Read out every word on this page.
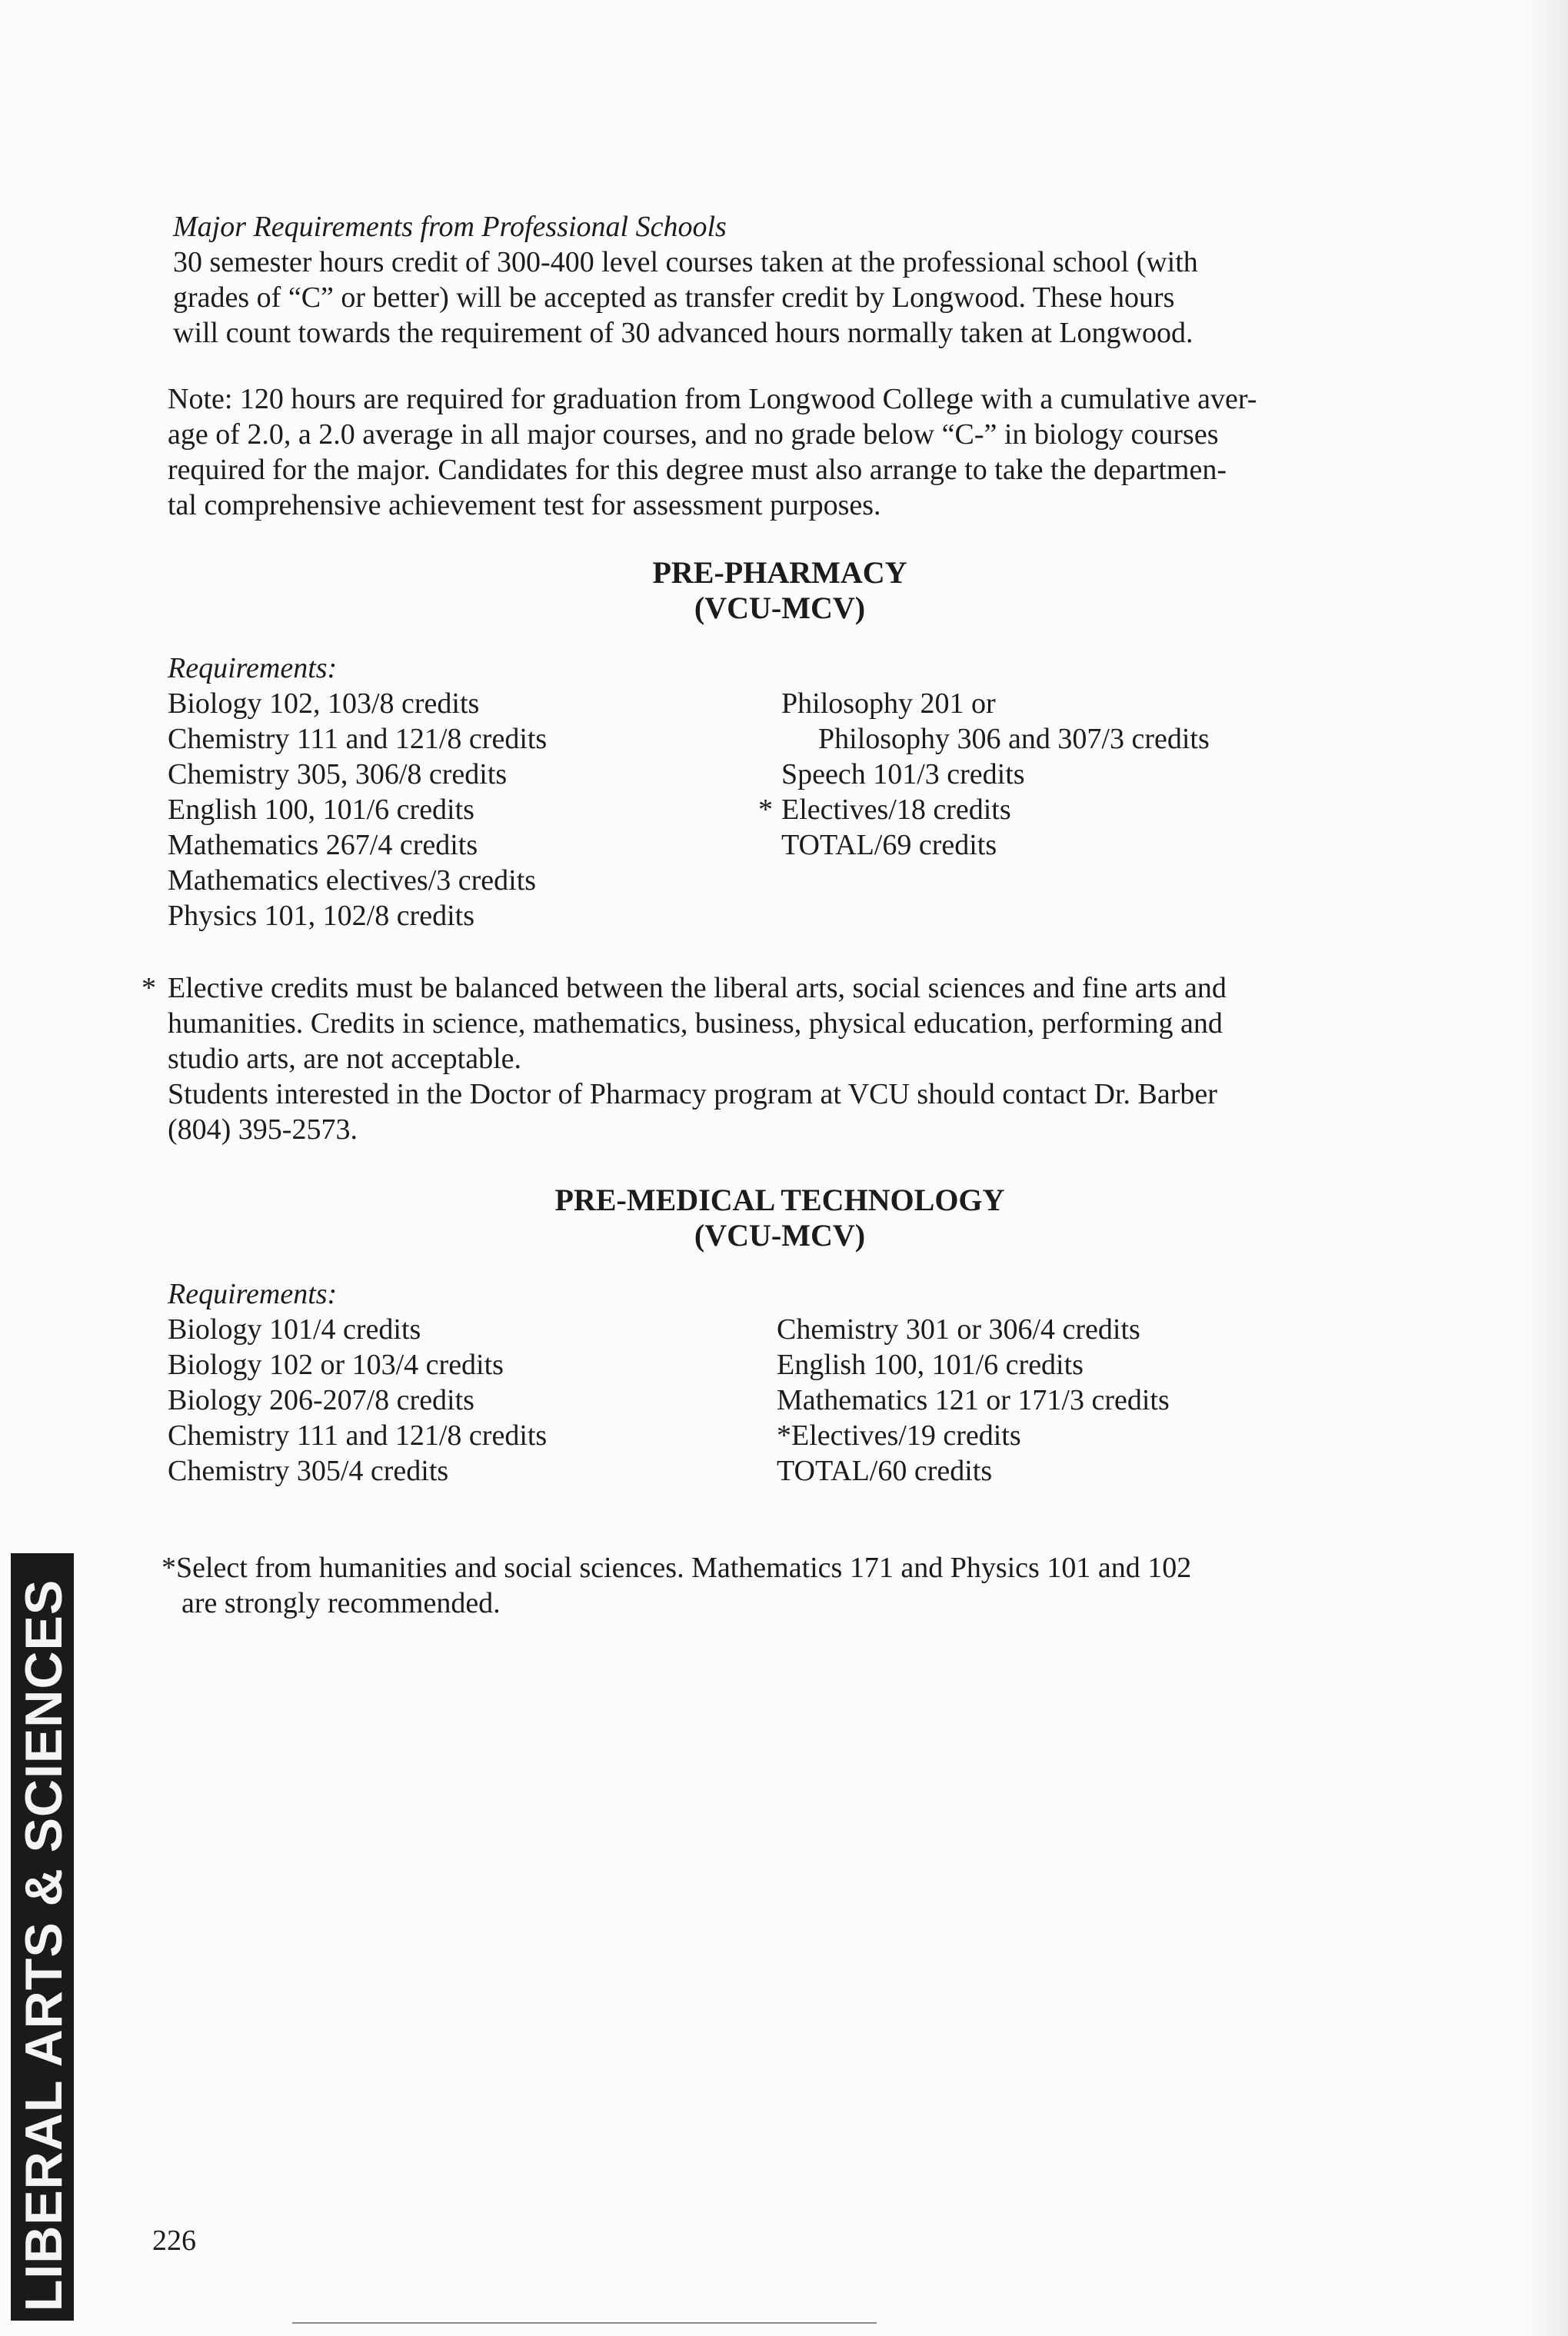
Major Requirements from Professional Schools
30 semester hours credit of 300-400 level courses taken at the professional school (with
grades of “C” or better) will be accepted as transfer credit by Longwood. These hours
will count towards the requirement of 30 advanced hours normally taken at Longwood.
Note: 120 hours are required for graduation from Longwood College with a cumulative aver-
age of 2.0, a 2.0 average in all major courses, and no grade below “C-” in biology courses
required for the major. Candidates for this degree must also arrange to take the departmen-
tal comprehensive achievement test for assessment purposes.
PRE-PHARMACY
(VCU-MCV)
Requirements:
Biology 102, 103/8 credits
Chemistry 111 and 121/8 credits
Chemistry 305, 306/8 credits
English 100, 101/6 credits
Mathematics 267/4 credits
Mathematics electives/3 credits
Physics 101, 102/8 credits
Philosophy 201 or
Philosophy 306 and 307/3 credits
Speech 101/3 credits
* Electives/18 credits
TOTAL/69 credits
* Elective credits must be balanced between the liberal arts, social sciences and fine arts and
humanities. Credits in science, mathematics, business, physical education, performing and
studio arts, are not acceptable.
Students interested in the Doctor of Pharmacy program at VCU should contact Dr. Barber
(804) 395-2573.
PRE-MEDICAL TECHNOLOGY
(VCU-MCV)
Requirements:
Biology 101/4 credits
Biology 102 or 103/4 credits
Biology 206-207/8 credits
Chemistry 111 and 121/8 credits
Chemistry 305/4 credits
Chemistry 301 or 306/4 credits
English 100, 101/6 credits
Mathematics 121 or 171/3 credits
*Electives/19 credits
TOTAL/60 credits
*Select from humanities and social sciences. Mathematics 171 and Physics 101 and 102
are strongly recommended.
LIBERAL ARTS & SCIENCES	226
